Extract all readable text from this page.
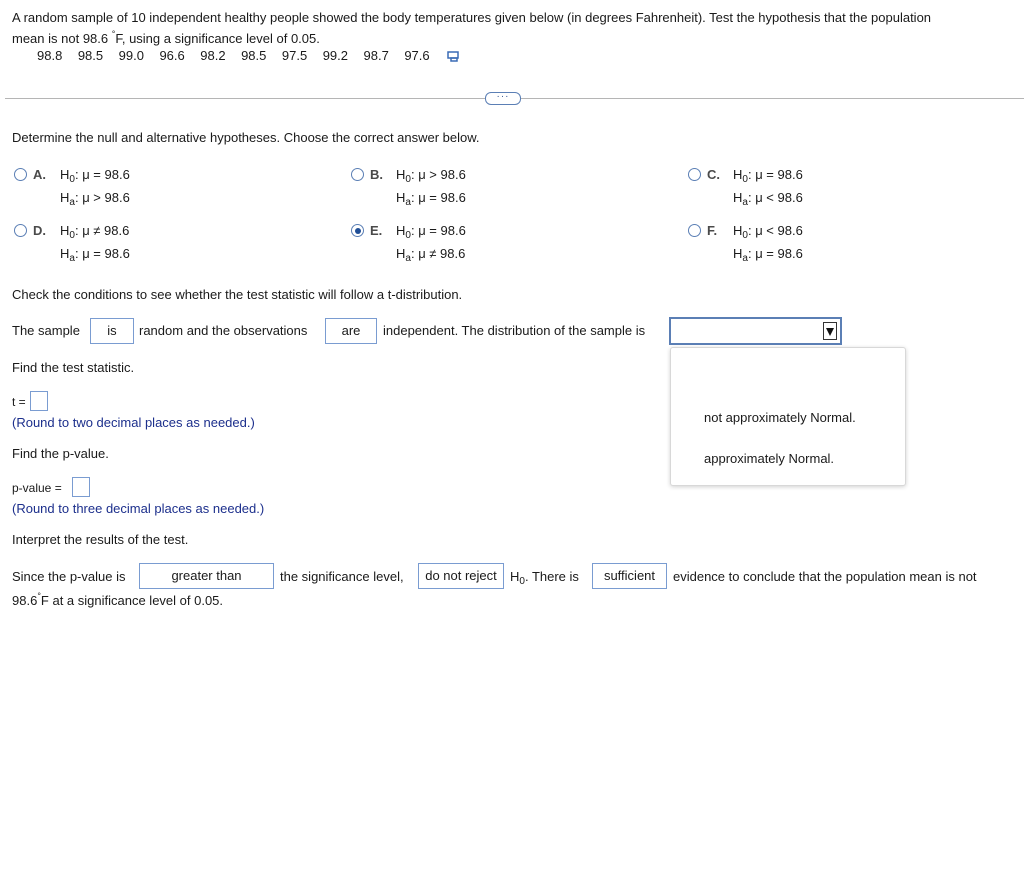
A random sample of 10 independent healthy people showed the body temperatures given below (in degrees Fahrenheit). Test the hypothesis that the population
mean is not 98.6 °F, using a significance level of 0.05.
98.8 98.5 99.0 96.6 98.2 98.5 97.5 99.2 98.7 97.6
···
Determine the null and alternative hypotheses. Choose the correct answer below.
A. $H_0$: μ = 98.6
$H_a$: μ > 98.6
B. $H_0$: μ > 98.6
$H_a$: μ = 98.6
C. $H_0$: μ = 98.6
$H_a$: μ < 98.6
D. $H_0$: μ ≠ 98.6
$H_a$: μ = 98.6
E. $H_0$: μ = 98.6
$H_a$: μ ≠ 98.6
F. $H_0$: μ < 98.6
$H_a$: μ = 98.6
Check the conditions to see whether the test statistic will follow a t-distribution.
The sample	is	random and the observations	are	independent. The distribution of the sample is
not approximately Normal.
approximately Normal.
Find the test statistic.
t =
(Round to two decimal places as needed.)
Find the p-value.
p-value =
(Round to three decimal places as needed.)
Interpret the results of the test.
Since the p-value is	greater than	the significance level,	do not reject	$H_0$. There is	sufficient	evidence to conclude that the population mean is not
98.6°F at a significance level of 0.05.
